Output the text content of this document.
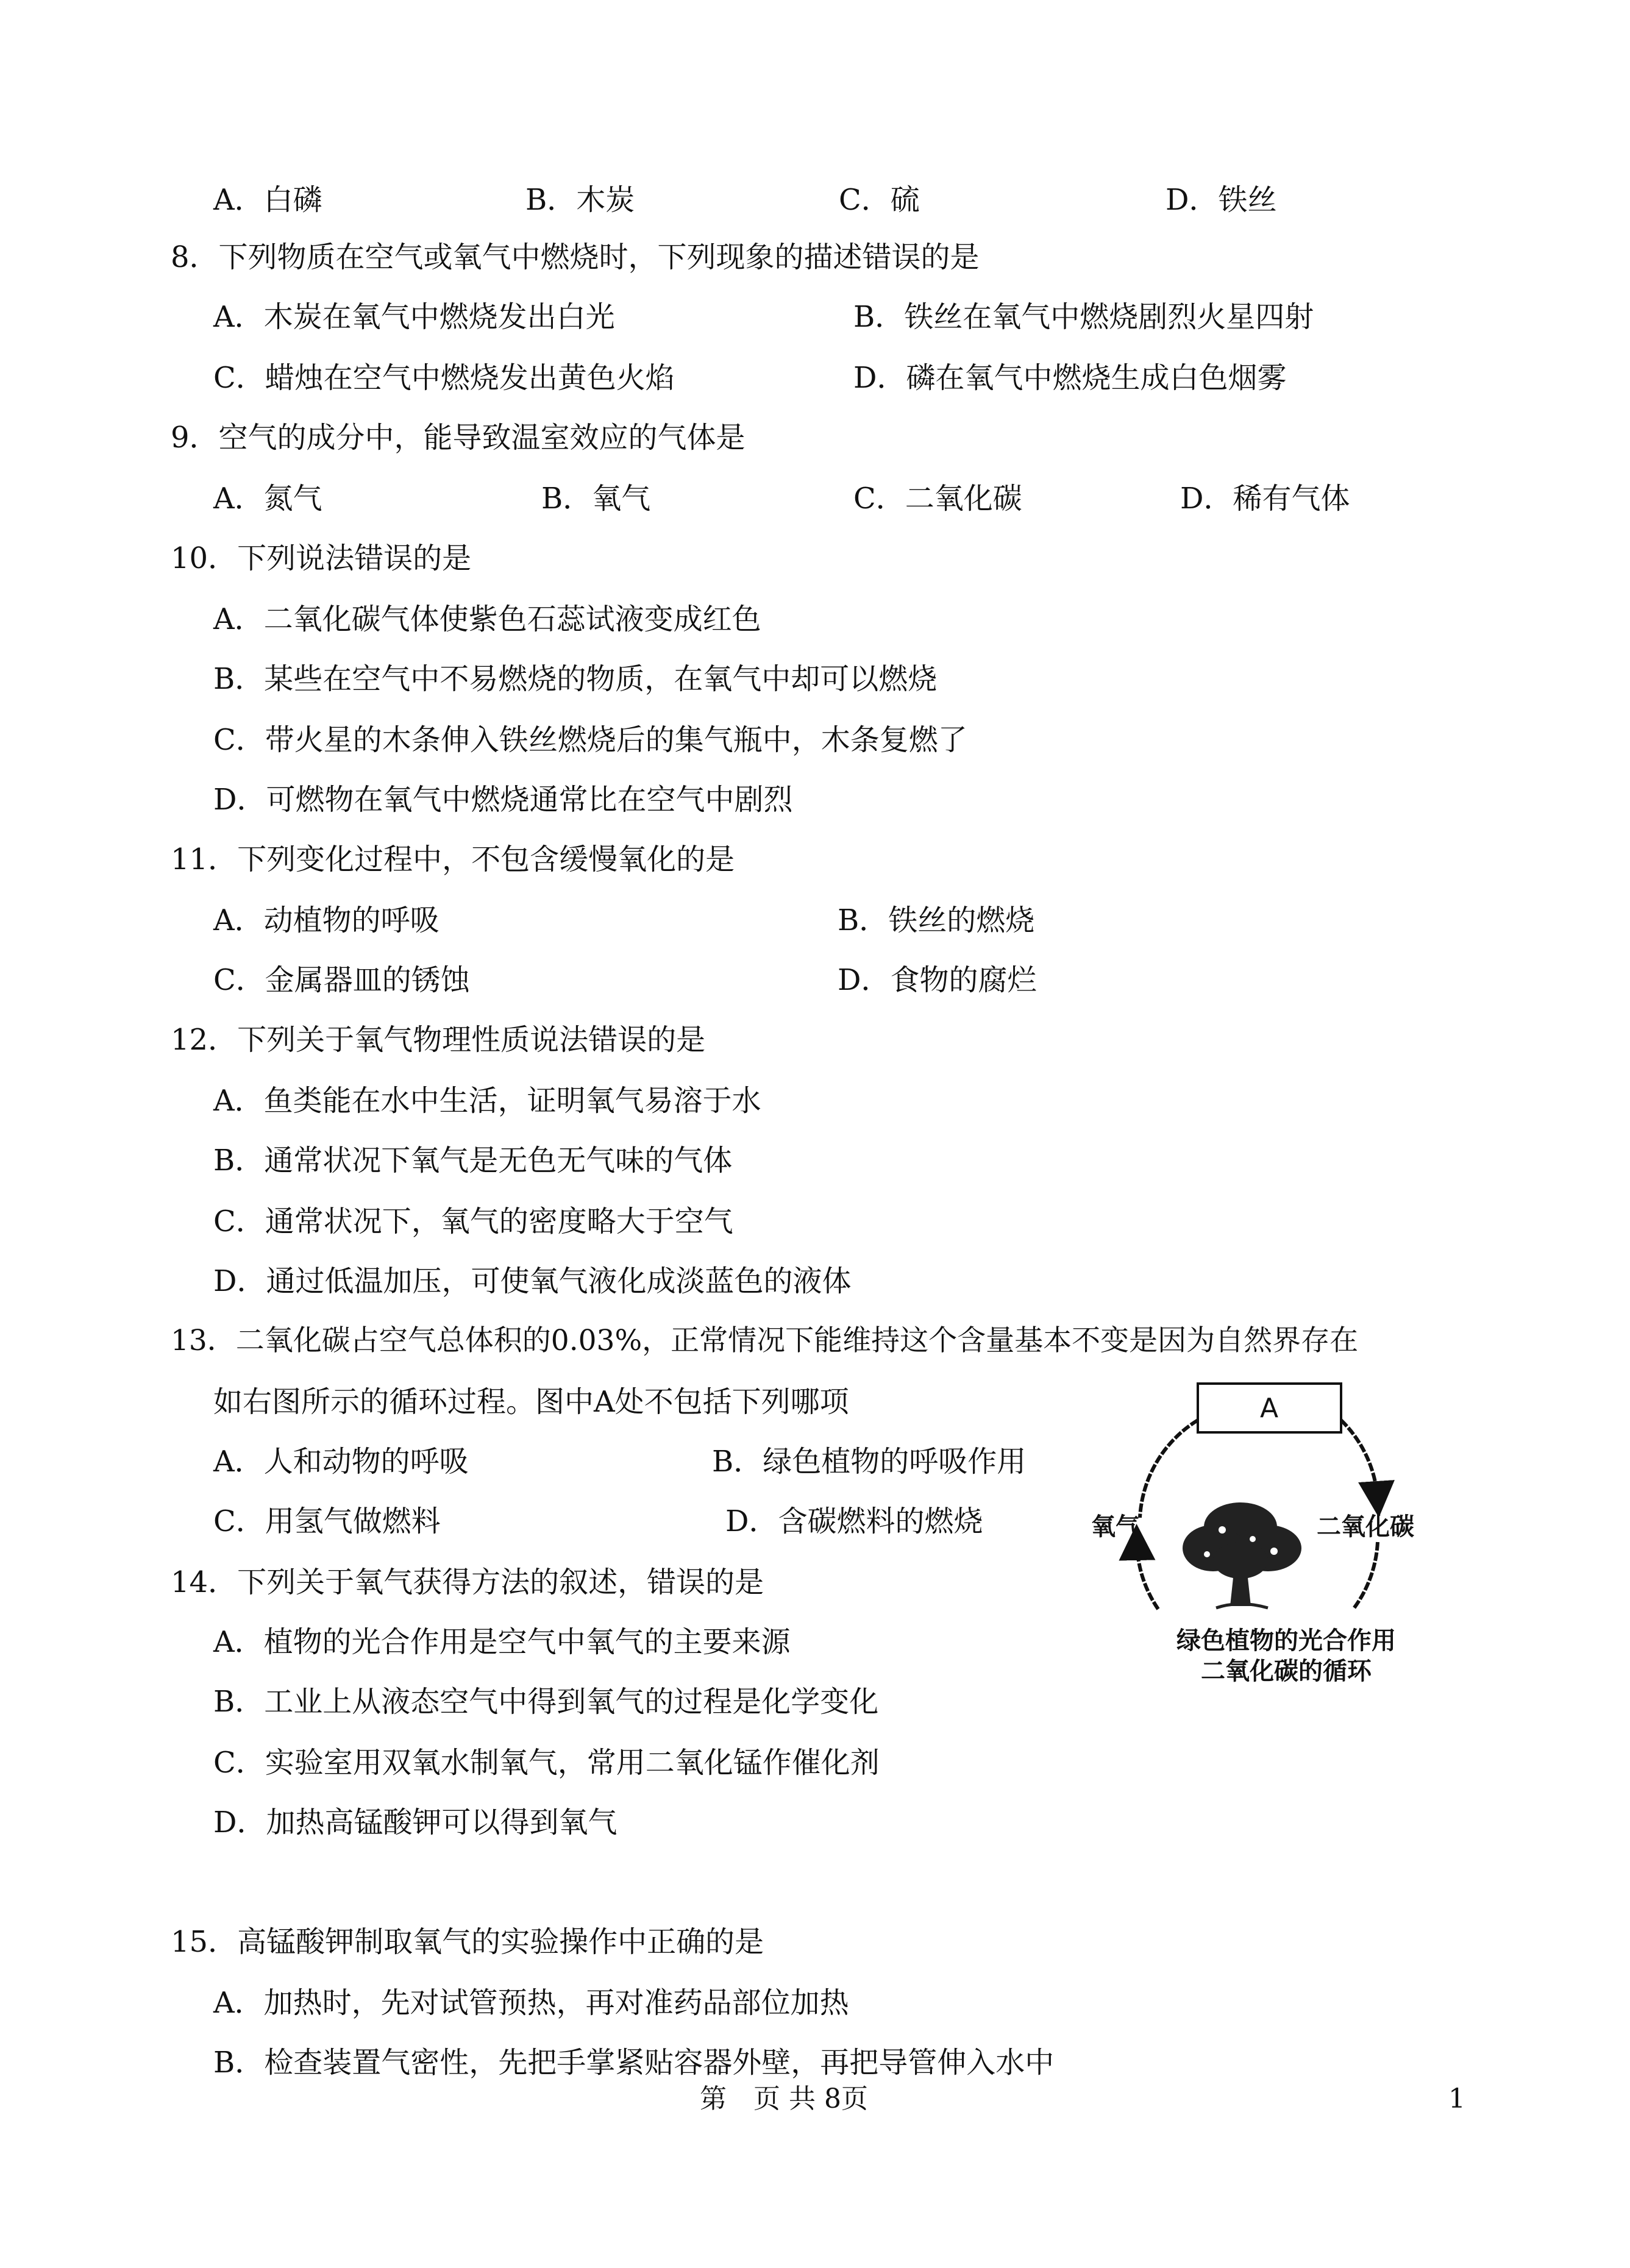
A．白磷	B．木炭	C．硫	D．铁丝
8．下列物质在空气或氧气中燃烧时，下列现象的描述错误的是
A．木炭在氧气中燃烧发出白光	B．铁丝在氧气中燃烧剧烈火星四射
C．蜡烛在空气中燃烧发出黄色火焰	D．磷在氧气中燃烧生成白色烟雾
9．空气的成分中，能导致温室效应的气体是
A．氮气	B．氧气	C．二氧化碳	D．稀有气体
10．下列说法错误的是
A．二氧化碳气体使紫色石蕊试液变成红色
B．某些在空气中不易燃烧的物质，在氧气中却可以燃烧
C．带火星的木条伸入铁丝燃烧后的集气瓶中，木条复燃了
D．可燃物在氧气中燃烧通常比在空气中剧烈
11．下列变化过程中，不包含缓慢氧化的是
A．动植物的呼吸	B．铁丝的燃烧
C．金属器皿的锈蚀	D．食物的腐烂
12．下列关于氧气物理性质说法错误的是
A．鱼类能在水中生活，证明氧气易溶于水
B．通常状况下氧气是无色无气味的气体
C．通常状况下，氧气的密度略大于空气
D．通过低温加压，可使氧气液化成淡蓝色的液体
13．二氧化碳占空气总体积的0.03%，正常情况下能维持这个含量基本不变是因为自然界存在
如右图所示的循环过程。图中A处不包括下列哪项
A．人和动物的呼吸	B．绿色植物的呼吸作用
C．用氢气做燃料	D．含碳燃料的燃烧
A
氧气	二氧化碳
绿色植物的光合作用
二氧化碳的循环
14．下列关于氧气获得方法的叙述，错误的是
A．植物的光合作用是空气中氧气的主要来源
B．工业上从液态空气中得到氧气的过程是化学变化
C．实验室用双氧水制氧气，常用二氧化锰作催化剂
D．加热高锰酸钾可以得到氧气
15．高锰酸钾制取氧气的实验操作中正确的是
A．加热时，先对试管预热，再对准药品部位加热
B．检查装置气密性，先把手掌紧贴容器外壁，再把导管伸入水中
第　页 共 8页	1
